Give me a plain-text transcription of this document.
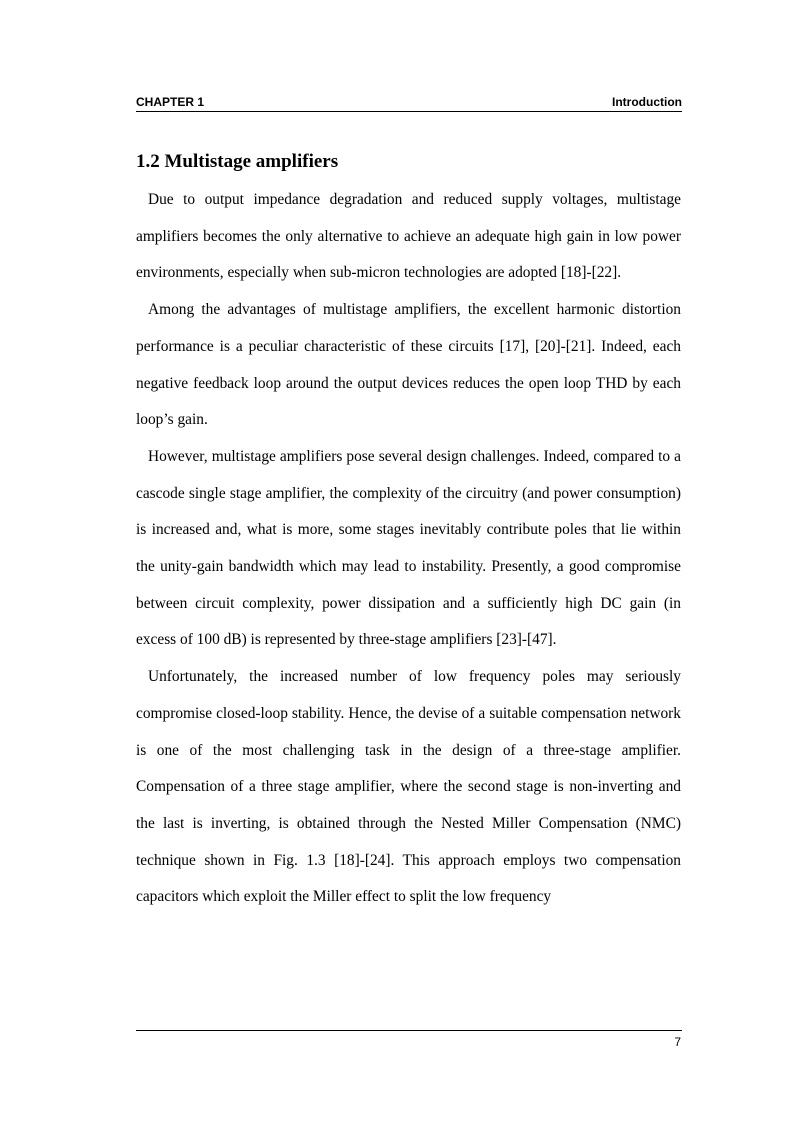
CHAPTER 1	Introduction
1.2 Multistage amplifiers

Due to output impedance degradation and reduced supply voltages, multistage amplifiers becomes the only alternative to achieve an adequate high gain in low power environments, especially when sub-micron technologies are adopted [18]-[22].

Among the advantages of multistage amplifiers, the excellent harmonic distortion performance is a peculiar characteristic of these circuits [17], [20]-[21]. Indeed, each negative feedback loop around the output devices reduces the open loop THD by each loop’s gain.

However, multistage amplifiers pose several design challenges. Indeed, compared to a cascode single stage amplifier, the complexity of the circuitry (and power consumption) is increased and, what is more, some stages inevitably contribute poles that lie within the unity-gain bandwidth which may lead to instability. Presently, a good compromise between circuit complexity, power dissipation and a sufficiently high DC gain (in excess of 100 dB) is represented by three-stage amplifiers [23]-[47].

Unfortunately, the increased number of low frequency poles may seriously compromise closed-loop stability. Hence, the devise of a suitable compensation network is one of the most challenging task in the design of a three-stage amplifier. Compensation of a three stage amplifier, where the second stage is non-inverting and the last is inverting, is obtained through the Nested Miller Compensation (NMC) technique shown in Fig. 1.3 [18]-[24]. This approach employs two compensation capacitors which exploit the Miller effect to split the low frequency

7
